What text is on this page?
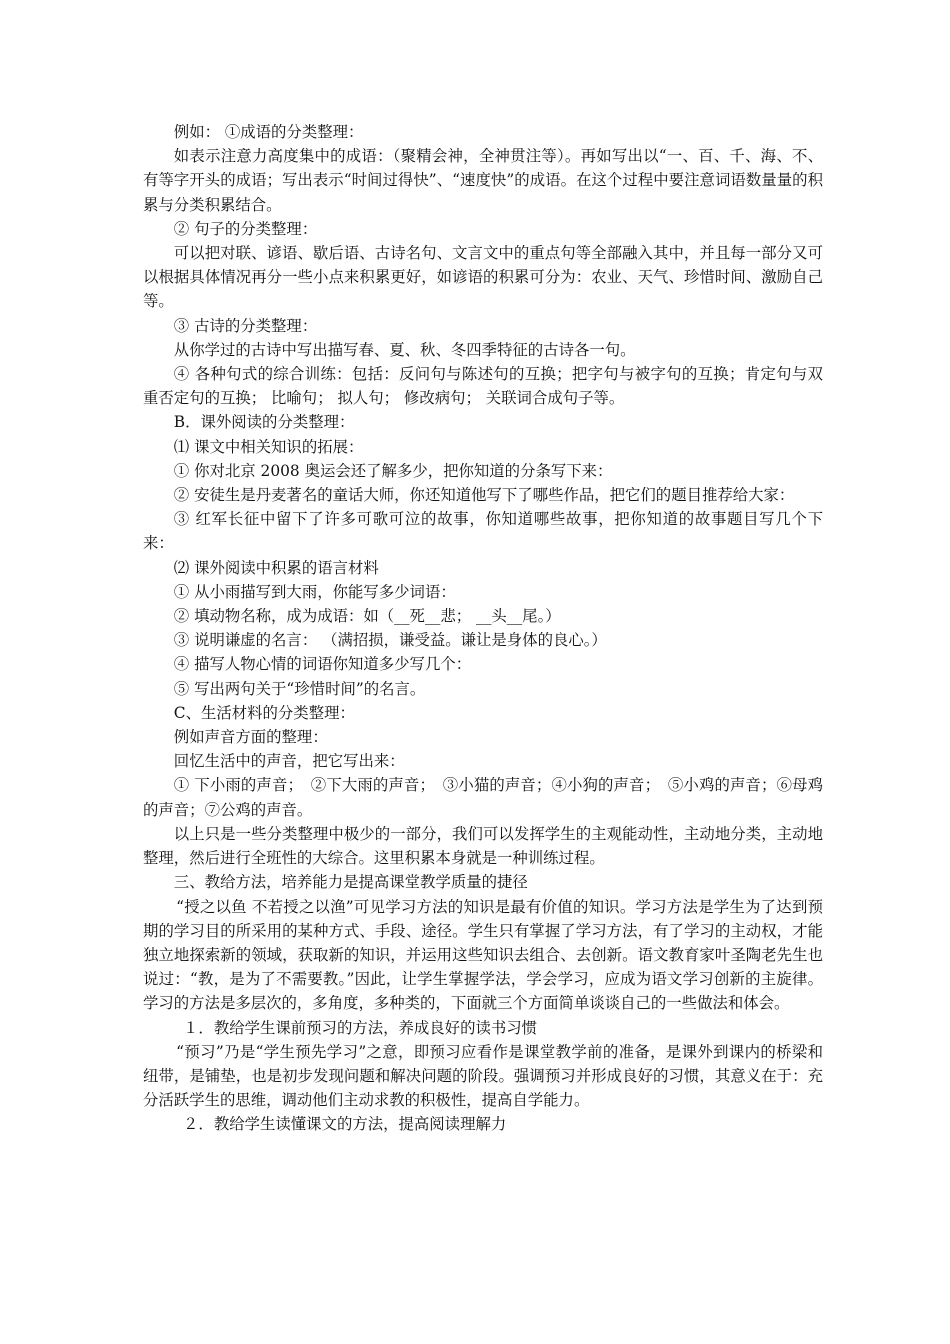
例如： ①成语的分类整理：

如表示注意力高度集中的成语：（聚精会神，全神贯注等）。再如写出以“一、百、千、海、不、有等字开头的成语；写出表示“时间过得快”、“速度快”的成语。在这个过程中要注意词语数量量的积累与分类积累结合。

② 句子的分类整理：

可以把对联、谚语、歇后语、古诗名句、文言文中的重点句等全部融入其中，并且每一部分又可以根据具体情况再分一些小点来积累更好，如谚语的积累可分为：农业、天气、珍惜时间、激励自己等。

③ 古诗的分类整理：

从你学过的古诗中写出描写春、夏、秋、冬四季特征的古诗各一句。

④ 各种句式的综合训练：包括：反问句与陈述句的互换；把字句与被字句的互换；肯定句与双重否定句的互换； 比喻句； 拟人句； 修改病句； 关联词合成句子等。

B．课外阅读的分类整理：

⑴ 课文中相关知识的拓展：

① 你对北京 2008 奥运会还了解多少，把你知道的分条写下来：

② 安徒生是丹麦著名的童话大师，你还知道他写下了哪些作品，把它们的题目推荐给大家：

③ 红军长征中留下了许多可歌可泣的故事，你知道哪些故事，把你知道的故事题目写几个下来：

⑵ 课外阅读中积累的语言材料

① 从小雨描写到大雨，你能写多少词语：

② 填动物名称，成为成语：如（__死__悲； __头__尾。）

③ 说明谦虚的名言： （满招损，谦受益。谦让是身体的良心。）

④ 描写人物心情的词语你知道多少写几个：

⑤ 写出两句关于“珍惜时间”的名言。

C、生活材料的分类整理：

例如声音方面的整理：

回忆生活中的声音，把它写出来：

① 下小雨的声音；　②下大雨的声音；　③小猫的声音；④小狗的声音；　⑤小鸡的声音；⑥母鸡的声音；⑦公鸡的声音。

以上只是一些分类整理中极少的一部分，我们可以发挥学生的主观能动性，主动地分类，主动地整理，然后进行全班性的大综合。这里积累本身就是一种训练过程。

三、教给方法，培养能力是提高课堂教学质量的捷径

“授之以鱼 不若授之以渔”可见学习方法的知识是最有价值的知识。学习方法是学生为了达到预期的学习目的所采用的某种方式、手段、途径。学生只有掌握了学习方法，有了学习的主动权，才能独立地探索新的领域，获取新的知识，并运用这些知识去组合、去创新。语文教育家叶圣陶老先生也说过：“教，是为了不需要教。”因此，让学生掌握学法，学会学习，应成为语文学习创新的主旋律。学习的方法是多层次的，多角度，多种类的，下面就三个方面简单谈谈自己的一些做法和体会。

１．教给学生课前预习的方法，养成良好的读书习惯

“预习”乃是“学生预先学习”之意，即预习应看作是课堂教学前的准备，是课外到课内的桥梁和纽带，是铺垫，也是初步发现问题和解决问题的阶段。强调预习并形成良好的习惯，其意义在于：充分活跃学生的思维，调动他们主动求教的积极性，提高自学能力。

２．教给学生读懂课文的方法，提高阅读理解力
